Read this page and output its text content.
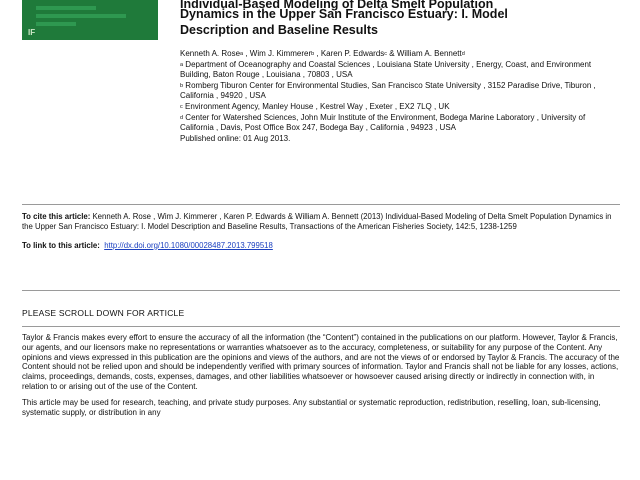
IF
Individual-Based Modeling of Delta Smelt Population
Dynamics in the Upper San Francisco Estuary: I. Model
Description and Baseline Results

Kenneth A. Rose$^a$ , Wim J. Kimmerer$^b$ , Karen P. Edwards$^c$ & William A. Bennett$^d$

$^a$ Department of Oceanography and Coastal Sciences , Louisiana State University , Energy, Coast, and Environment Building, Baton Rouge , Louisiana , 70803 , USA

$^b$ Romberg Tiburon Center for Environmental Studies, San Francisco State University , 3152 Paradise Drive, Tiburon , California , 94920 , USA

$^c$ Environment Agency, Manley House , Kestrel Way , Exeter , EX2 7LQ , UK

$^d$ Center for Watershed Sciences, John Muir Institute of the Environment, Bodega Marine Laboratory , University of California , Davis, Post Office Box 247, Bodega Bay , California , 94923 , USA

Published online: 01 Aug 2013.

To cite this article: Kenneth A. Rose , Wim J. Kimmerer , Karen P. Edwards & William A. Bennett (2013) Individual-Based Modeling of Delta Smelt Population Dynamics in the Upper San Francisco Estuary: I. Model Description and Baseline Results, Transactions of the American Fisheries Society, 142:5, 1238-1259

To link to this article: http://dx.doi.org/10.1080/00028487.2013.799518

PLEASE SCROLL DOWN FOR ARTICLE

Taylor & Francis makes every effort to ensure the accuracy of all the information (the “Content”) contained in the publications on our platform. However, Taylor & Francis, our agents, and our licensors make no representations or warranties whatsoever as to the accuracy, completeness, or suitability for any purpose of the Content. Any opinions and views expressed in this publication are the opinions and views of the authors, and are not the views of or endorsed by Taylor & Francis. The accuracy of the Content should not be relied upon and should be independently verified with primary sources of information. Taylor and Francis shall not be liable for any losses, actions, claims, proceedings, demands, costs, expenses, damages, and other liabilities whatsoever or howsoever caused arising directly or indirectly in connection with, in relation to or arising out of the use of the Content.

This article may be used for research, teaching, and private study purposes. Any substantial or systematic reproduction, redistribution, reselling, loan, sub-licensing, systematic supply, or distribution in any
